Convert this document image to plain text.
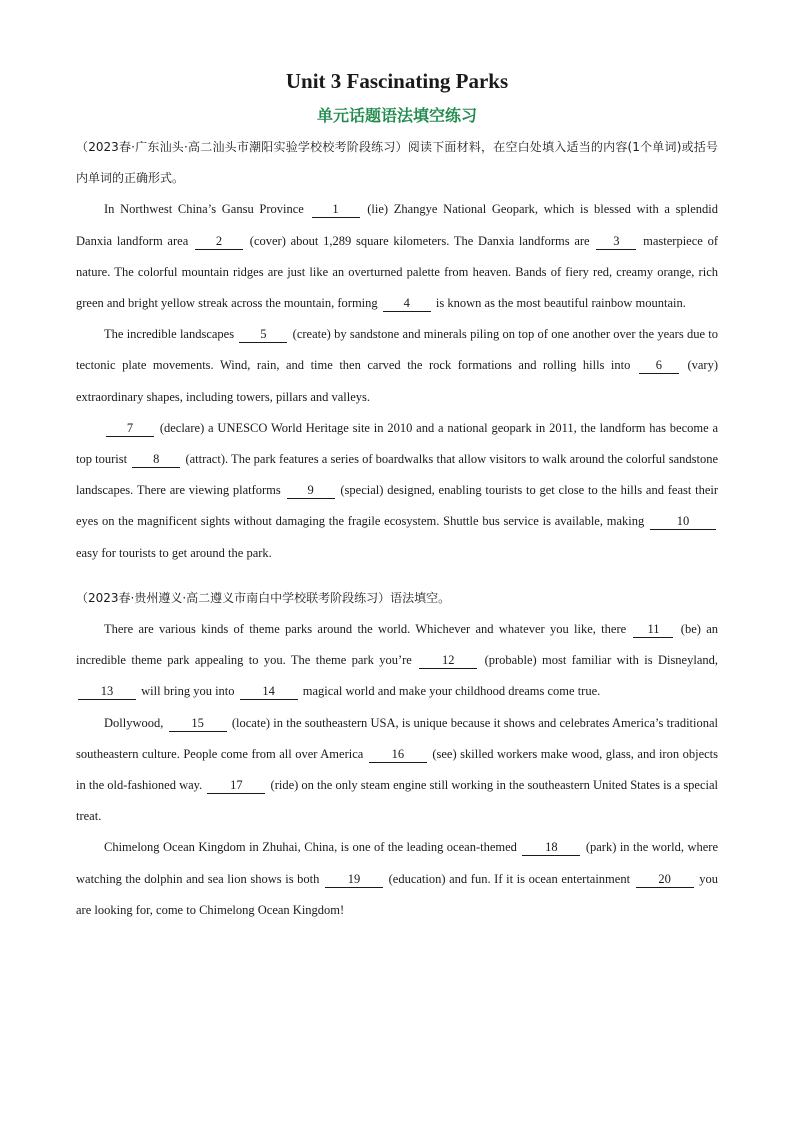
Unit 3 Fascinating Parks
单元话题语法填空练习

（2023春·广东汕头·高二汕头市潮阳实验学校校考阶段练习）阅读下面材料，在空白处填入适当的内容(1个单词)或括号内单词的正确形式。

In Northwest China’s Gansu Province 1 (lie) Zhangye National Geopark, which is blessed with a splendid Danxia landform area 2 (cover) about 1,289 square kilometers. The Danxia landforms are 3 masterpiece of nature. The colorful mountain ridges are just like an overturned palette from heaven. Bands of fiery red, creamy orange, rich green and bright yellow streak across the mountain, forming 4 is known as the most beautiful rainbow mountain.

The incredible landscapes 5 (create) by sandstone and minerals piling on top of one another over the years due to tectonic plate movements. Wind, rain, and time then carved the rock formations and rolling hills into 6 (vary) extraordinary shapes, including towers, pillars and valleys.

7 (declare) a UNESCO World Heritage site in 2010 and a national geopark in 2011, the landform has become a top tourist 8 (attract). The park features a series of boardwalks that allow visitors to walk around the colorful sandstone landscapes. There are viewing platforms 9 (special) designed, enabling tourists to get close to the hills and feast their eyes on the magnificent sights without damaging the fragile ecosystem. Shuttle bus service is available, making	10 easy for tourists to get around the park.

（2023春·贵州遵义·高二遵义市南白中学校联考阶段练习）语法填空。

There are various kinds of theme parks around the world. Whichever and whatever you like, there 11 (be) an incredible theme park appealing to you. The theme park you’re 12 (probable) most familiar with is Disneyland, 13 will bring you into 14 magical world and make your childhood dreams come true.

Dollywood, 15 (locate) in the southeastern USA, is unique because it shows and celebrates America’s traditional southeastern culture. People come from all over America 16 (see) skilled workers make wood, glass, and iron objects in the old-fashioned way. 17 (ride) on the only steam engine still working in the southeastern United States is a special treat.

Chimelong Ocean Kingdom in Zhuhai, China, is one of the leading ocean-themed 18 (park) in the world, where watching the dolphin and sea lion shows is both 19 (education) and fun. If it is ocean entertainment 20 you are looking for, come to Chimelong Ocean Kingdom!
